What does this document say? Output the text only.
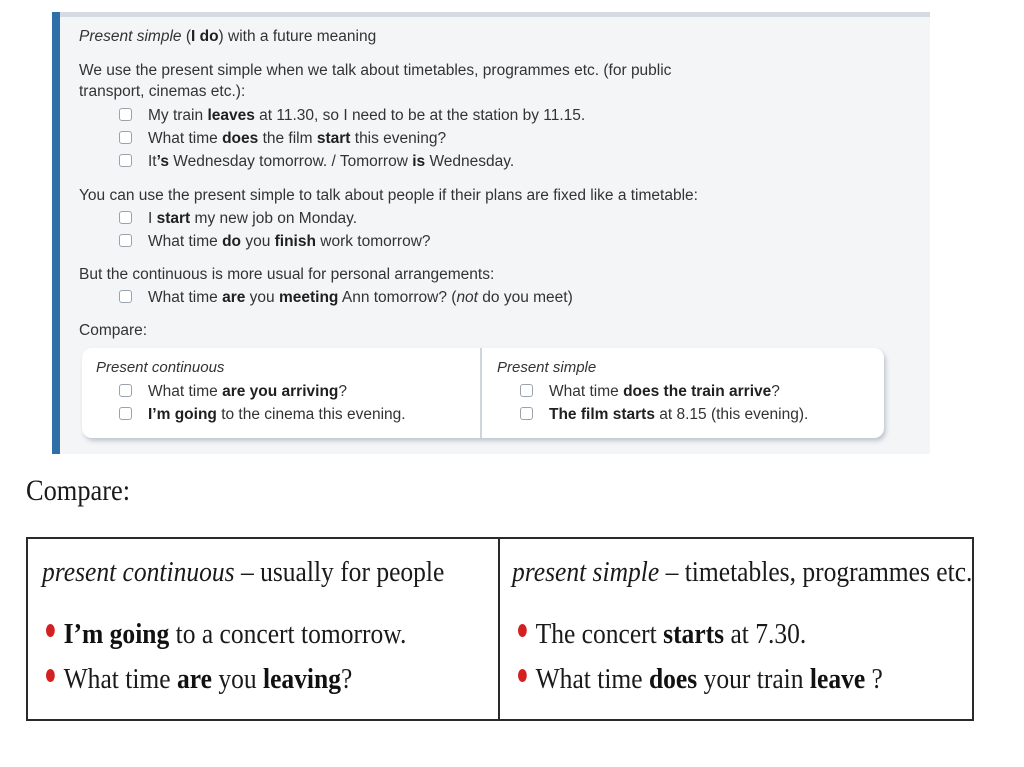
Present simple (I do) with a future meaning
We use the present simple when we talk about timetables, programmes etc. (for public
transport, cinemas etc.):
My train leaves at 11.30, so I need to be at the station by 11.15.
What time does the film start this evening?
It’s Wednesday tomorrow. / Tomorrow is Wednesday.
You can use the present simple to talk about people if their plans are fixed like a timetable:
I start my new job on Monday.
What time do you finish work tomorrow?
But the continuous is more usual for personal arrangements:
What time are you meeting Ann tomorrow? (not do you meet)
Compare:
Present continuous
What time are you arriving?
I’m going to the cinema this evening.
Present simple
What time does the train arrive?
The film starts at 8.15 (this evening).
Compare:
present continuous – usually for people present simple – timetables, programmes etc.
I’m going to a concert tomorrow.
What time are you leaving?
The concert starts at 7.30.
What time does your train leave ?
